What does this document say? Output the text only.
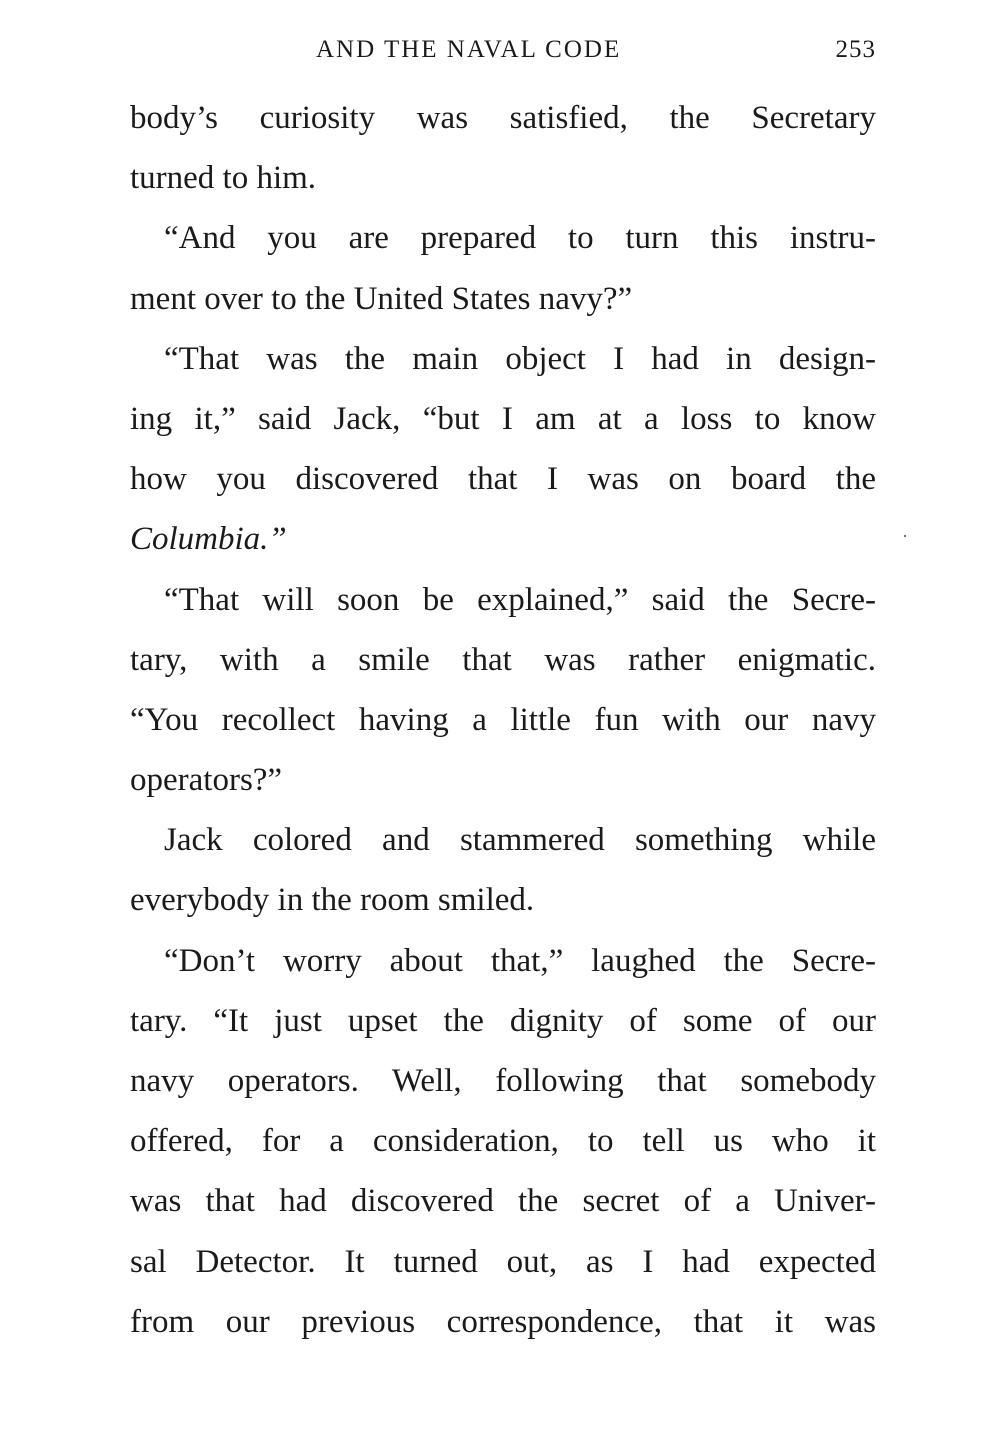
AND THE NAVAL CODE	253
body’s curiosity was satisfied, the Secretary
turned to him.
“And you are prepared to turn this instru-
ment over to the United States navy?”
“That was the main object I had in design-
ing it,” said Jack, “but I am at a loss to know
how you discovered that I was on board the
Columbia.”
“That will soon be explained,” said the Secre-
tary, with a smile that was rather enigmatic.
“You recollect having a little fun with our navy
operators?”
Jack colored and stammered something while
everybody in the room smiled.
“Don’t worry about that,” laughed the Secre-
tary. “It just upset the dignity of some of our
navy operators. Well, following that somebody
offered, for a consideration, to tell us who it
was that had discovered the secret of a Univer-
sal Detector. It turned out, as I had expected
from our previous correspondence, that it was
